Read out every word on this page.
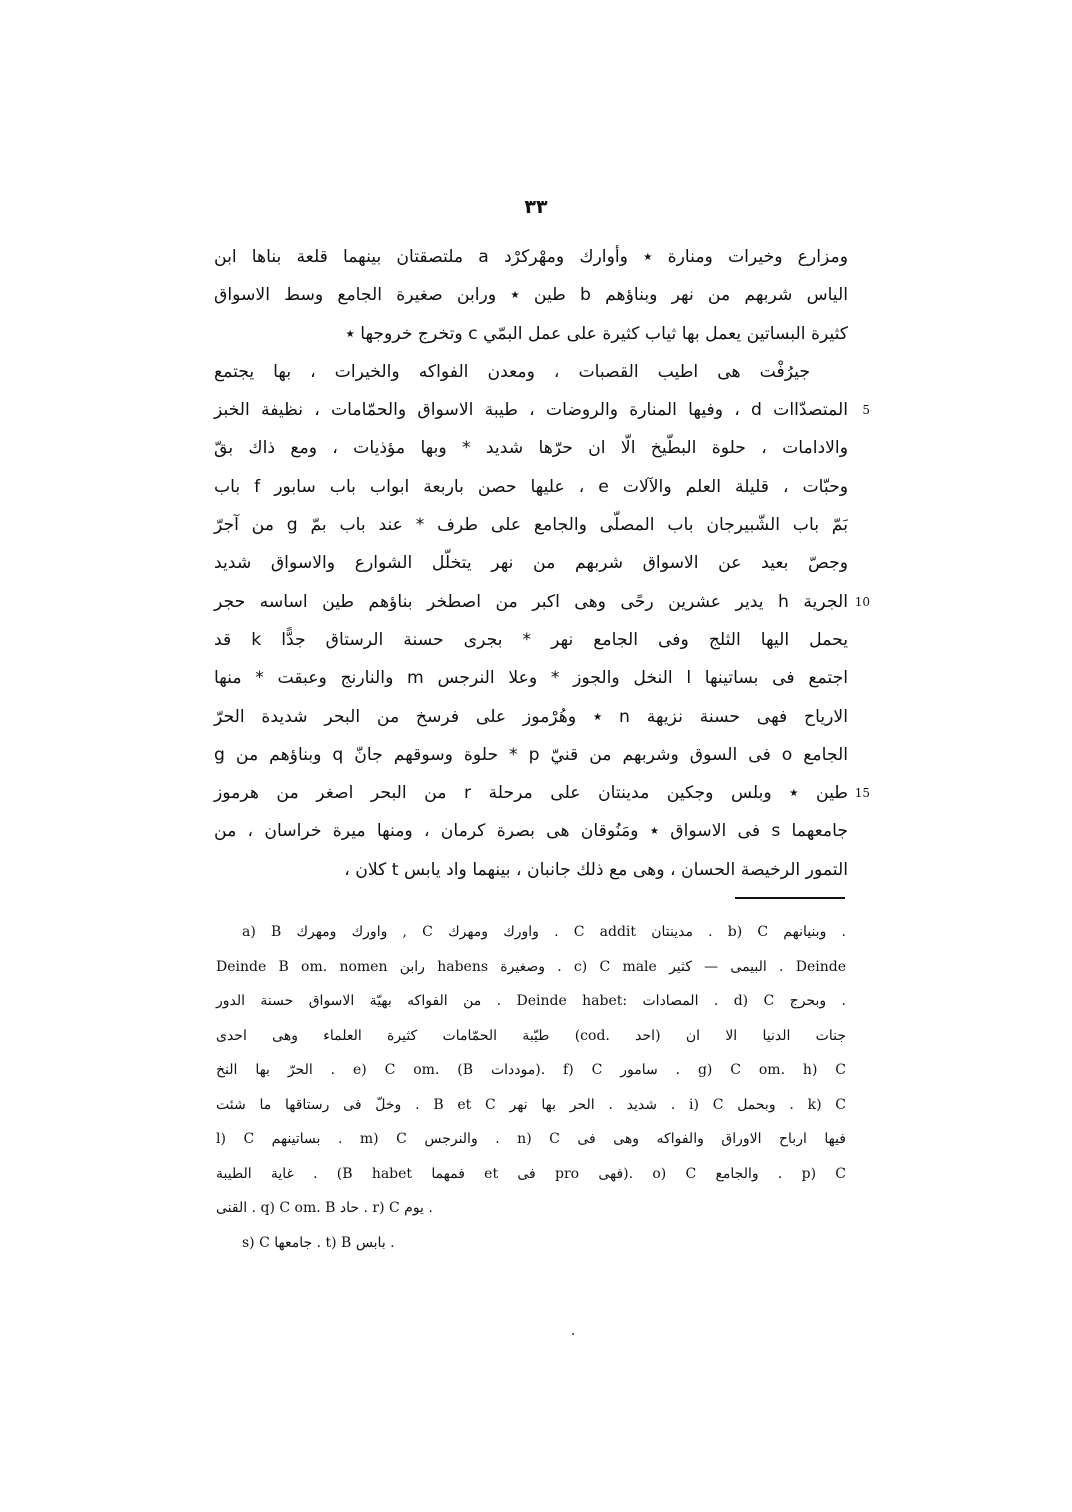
٣٣
ومزارع وخيرات ومنارة ٭ وأوارك ومهْركرْد a ملتصقتان بينهما قلعة بناها ابن
الياس شربهم من نهر وبناؤهم b طين ٭ ورابن صغيرة الجامع وسط الاسواق
كثيرة البساتين يعمل بها ثياب كثيرة على عمل البمّي c وتخرج خروجها ٭
جيرُفْت هى اطيب القصبات ، ومعدن الفواكه والخيرات ، بها يجتمع
المتصدّاات d ، وفيها المنارة والروضات ، طيبة الاسواق والحمّامات ، نظيفة الخبز 5
والادامات ، حلوة البطّيخ الّا ان حرّها شديد * وبها مؤذيات ، ومع ذاك بقّ
وحبّات ، قليلة العلم والآلات e ، عليها حصن باربعة ابواب باب سابور f باب
بَمّ باب الشّبيرجان باب المصلّى والجامع على طرف * عند باب بمّ g من آجرّ
وجصّ بعيد عن الاسواق شربهم من نهر يتخلّل الشوارع والاسواق شديد
الجرية h يدير عشرين رحًى وهى اكبر من اصطخر بناؤهم طين اساسه حجر 10
يحمل اليها الثلج وفى الجامع نهر * بجرى حسنة الرستاق جدًّا k قد
اجتمع فى بساتينها l النخل والجوز * وعلا النرجس m والنارنج وعبقت * منها
الارياح فهى حسنة نزيهة n ٭ وهُرْموز على فرسخ من البحر شديدة الحرّ
الجامع o فى السوق وشربهم من قنيّ p * حلوة وسوقهم جانّ q وبناؤهم من g
طين ٭ وبلس وجكين مدينتان على مرحلة r من البحر اصغر من هرموز 15
جامعهما s فى الاسواق ٭ ومَنُوقان هى بصرة كرمان ، ومنها ميرة خراسان ، من
التمور الرخيصة الحسان ، وهى مع ذلك جانبان ، بينهما واد يابس t كلان ،
a) B واورك ومهرك , C واورك ومهرك . C addit مدينتان . b) C وبنيانهم .
Deinde B om. nomen رابن habens وصغيرة . c) C male البيمى — كثير . Deinde
من الفواكه بهيّة الاسواق حسنة الدور . Deinde habet: المصادات . d) C وبحرج .
طيّبة الحمّامات كثيرة العلماء وهى احدى (cod. احد) جنات الدنيا الا ان
الحرّ بها النخ . e) C om. (B موددات). f) C سامور . g) C om. h) C
وخلّ فى رستاقها ما شئت . B et C شديد . الحر بها نهر . i) C وبحمل . k) C
l) C بساتينهم . m) C والنرجس . n) C فيها ارباح الاوراق والفواكه وهى فى
غاية الطيبة . (B habet فمهما et فى pro فهى). o) C والجامع . p) C
القنى . q) C om. B حاد . r) C يوم .
s) C جامعها . t) B بابس .
